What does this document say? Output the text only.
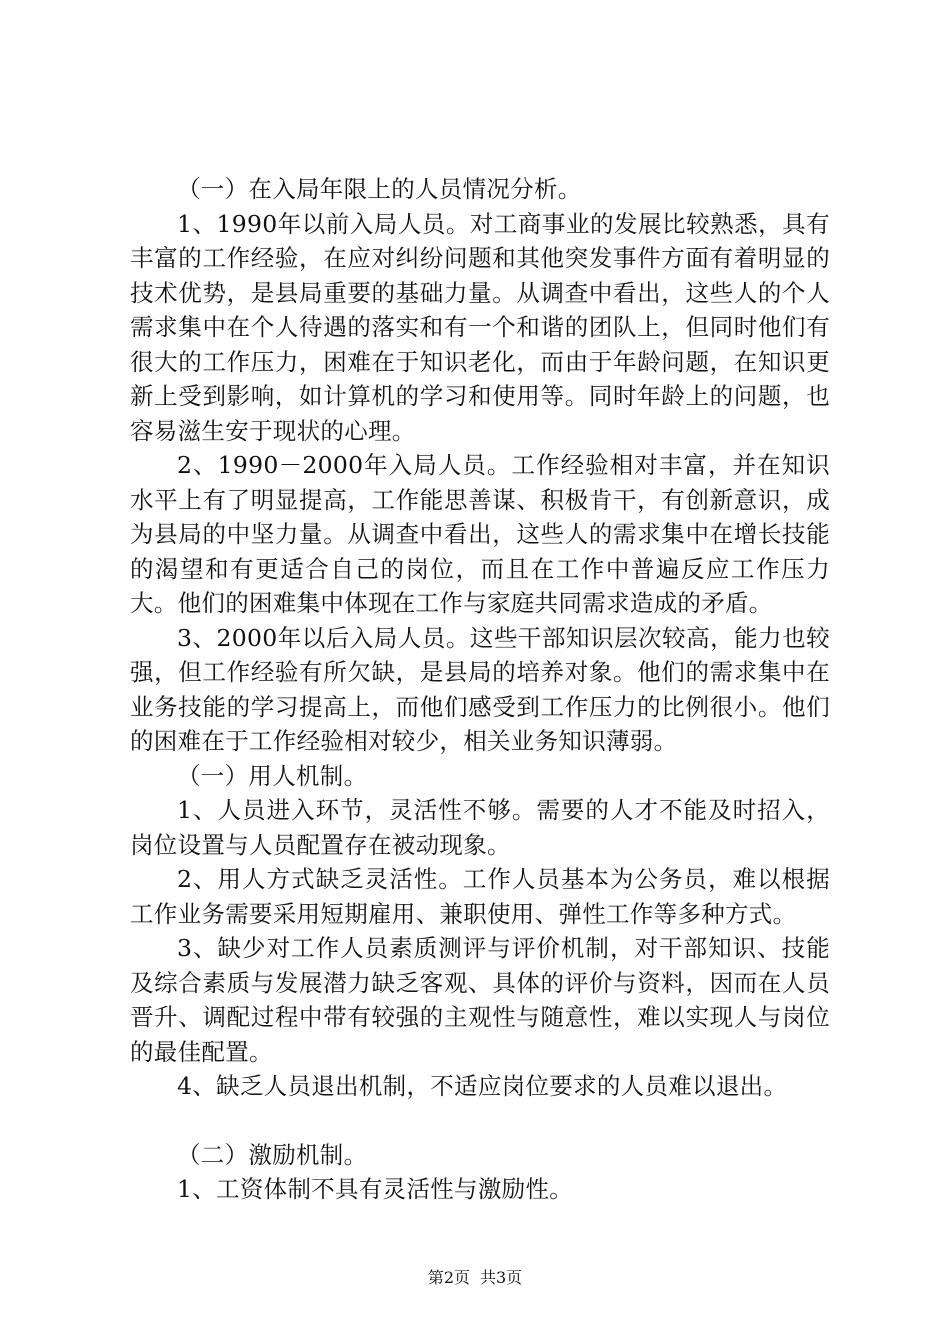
（一）在入局年限上的人员情况分析。

1、1990年以前入局人员。对工商事业的发展比较熟悉，具有丰富的工作经验，在应对纠纷问题和其他突发事件方面有着明显的技术优势，是县局重要的基础力量。从调查中看出，这些人的个人需求集中在个人待遇的落实和有一个和谐的团队上，但同时他们有很大的工作压力，困难在于知识老化，而由于年龄问题，在知识更新上受到影响，如计算机的学习和使用等。同时年龄上的问题，也容易滋生安于现状的心理。

2、1990－2000年入局人员。工作经验相对丰富，并在知识水平上有了明显提高，工作能思善谋、积极肯干，有创新意识，成为县局的中坚力量。从调查中看出，这些人的需求集中在增长技能的渴望和有更适合自己的岗位，而且在工作中普遍反应工作压力大。他们的困难集中体现在工作与家庭共同需求造成的矛盾。

3、2000年以后入局人员。这些干部知识层次较高，能力也较强，但工作经验有所欠缺，是县局的培养对象。他们的需求集中在业务技能的学习提高上，而他们感受到工作压力的比例很小。他们的困难在于工作经验相对较少，相关业务知识薄弱。

（一）用人机制。

1、人员进入环节，灵活性不够。需要的人才不能及时招入，岗位设置与人员配置存在被动现象。

2、用人方式缺乏灵活性。工作人员基本为公务员，难以根据工作业务需要采用短期雇用、兼职使用、弹性工作等多种方式。

3、缺少对工作人员素质测评与评价机制，对干部知识、技能及综合素质与发展潜力缺乏客观、具体的评价与资料，因而在人员晋升、调配过程中带有较强的主观性与随意性，难以实现人与岗位的最佳配置。

4、缺乏人员退出机制，不适应岗位要求的人员难以退出。

（二）激励机制。

1、工资体制不具有灵活性与激励性。

第2页 共3页
